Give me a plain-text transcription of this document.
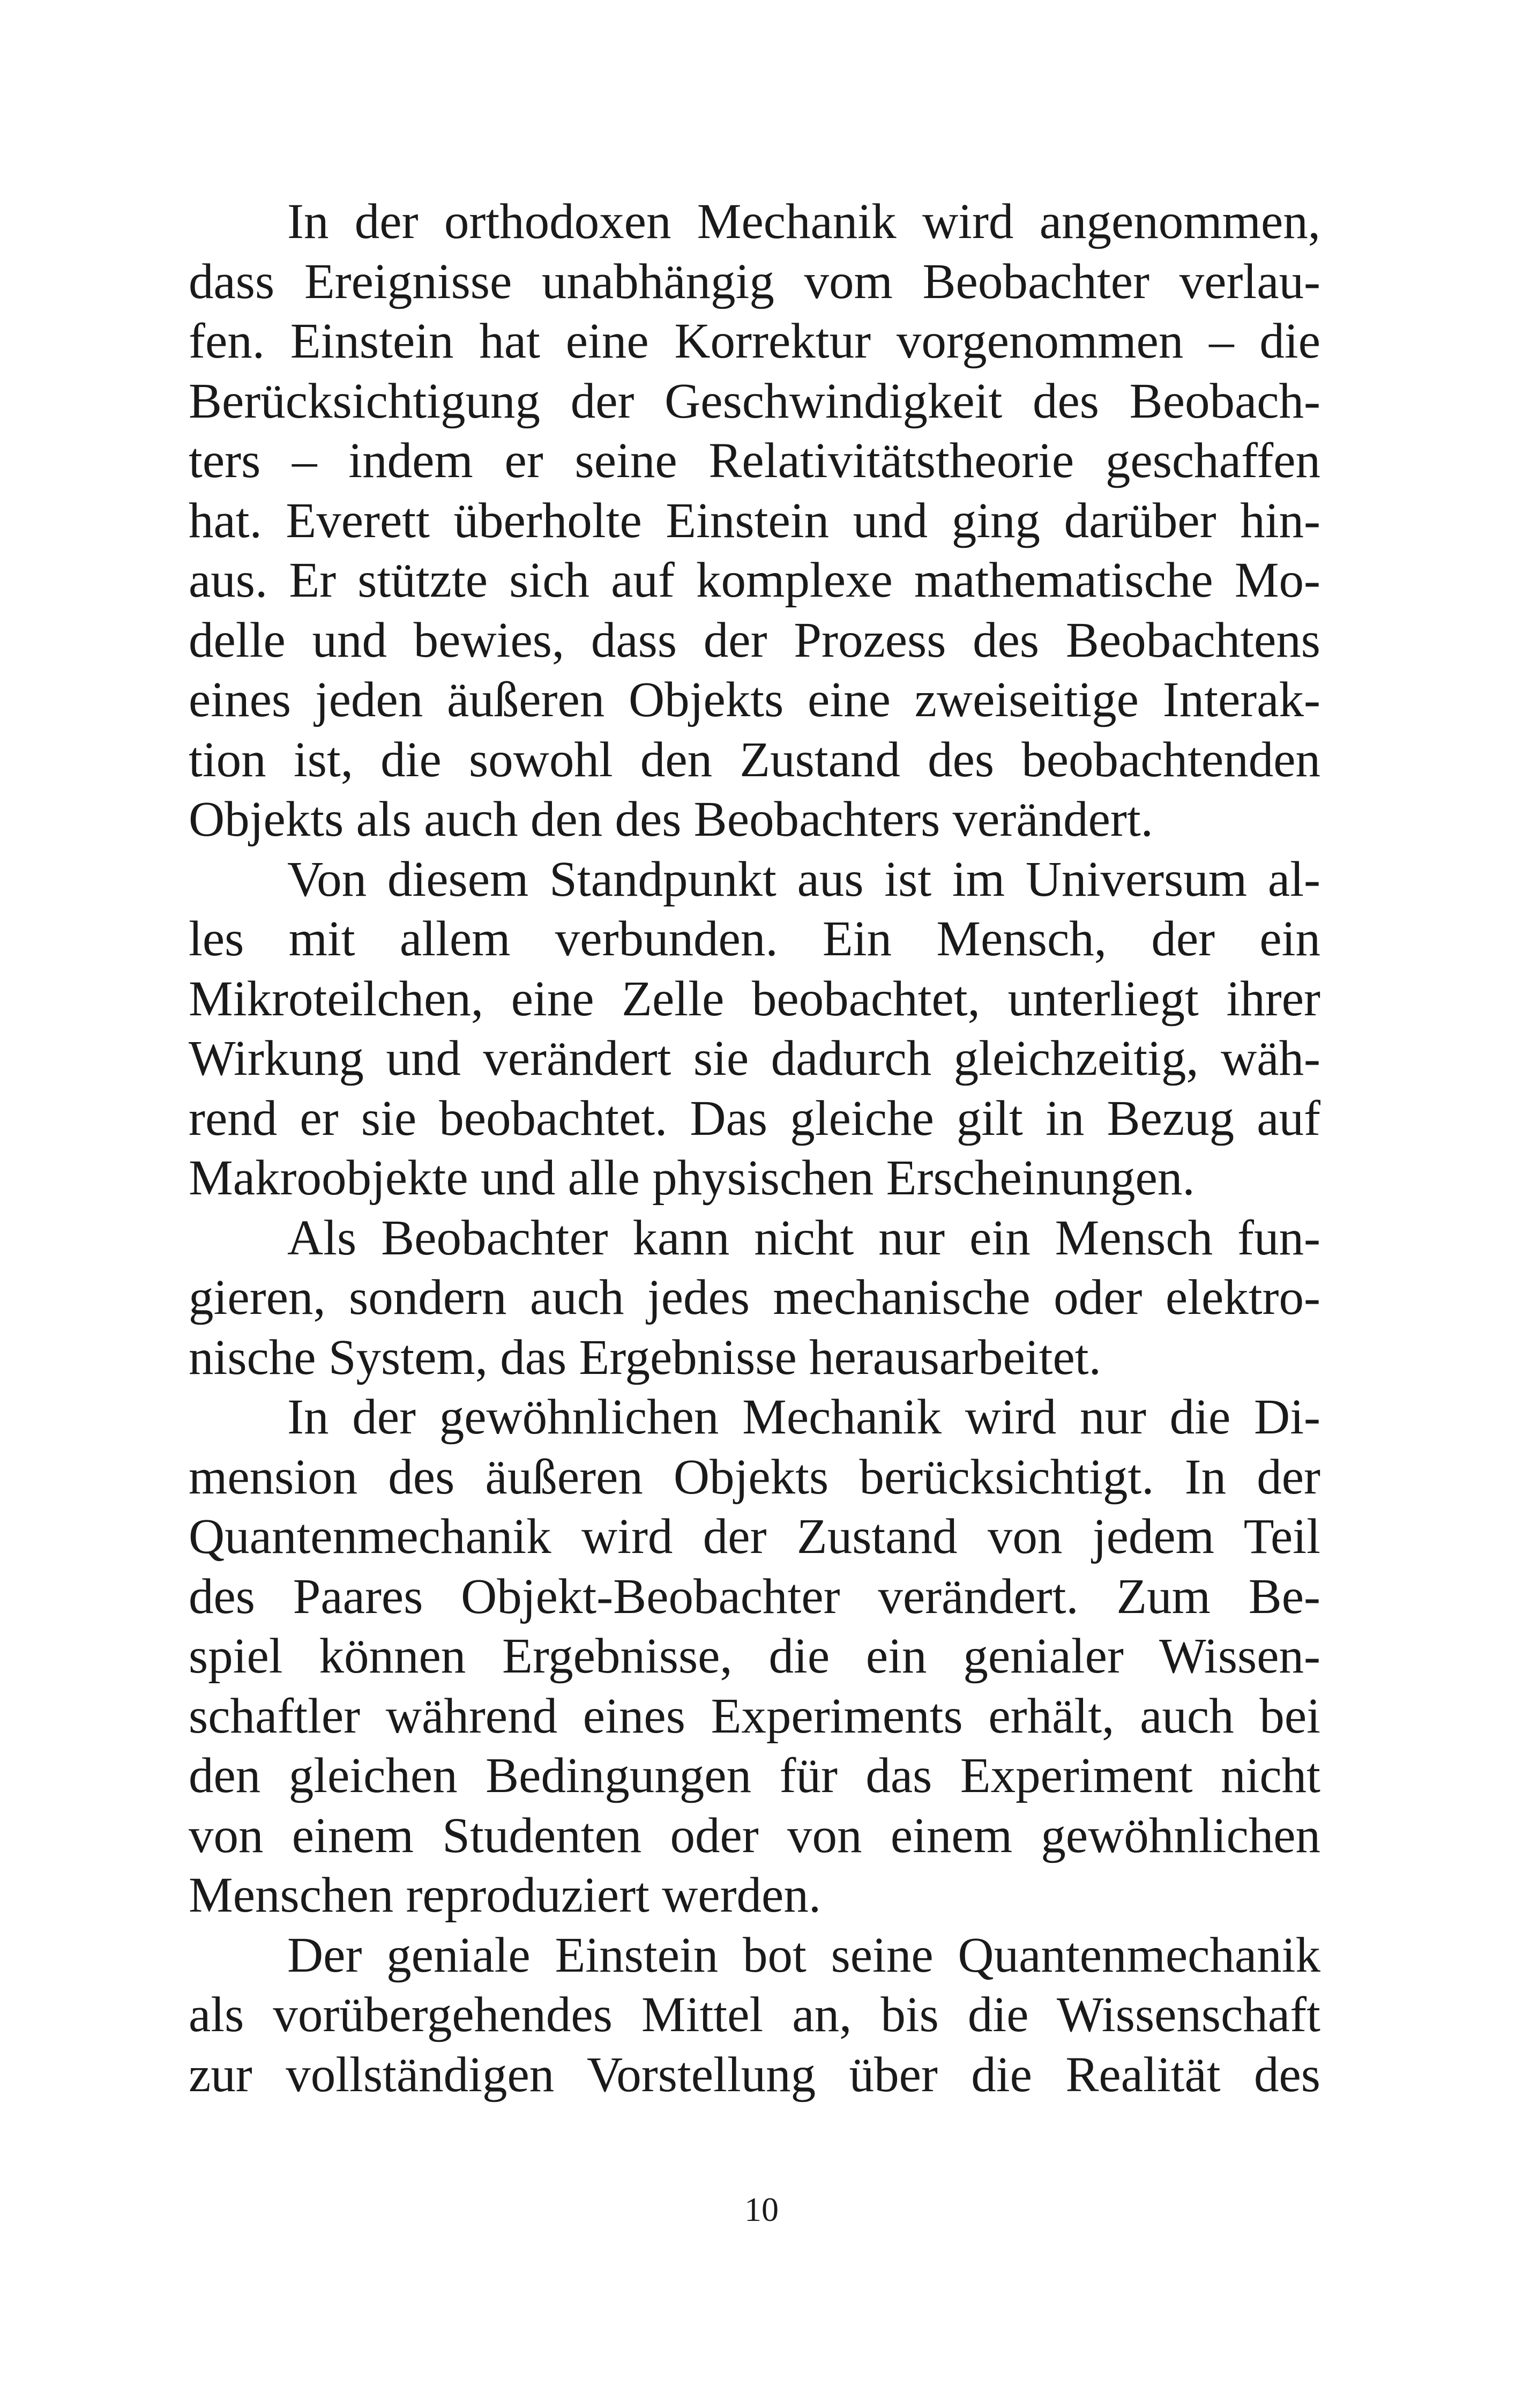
In der orthodoxen Mechanik wird angenommen,
dass Ereignisse unabhängig vom Beobachter verlau-
fen. Einstein hat eine Korrektur vorgenommen – die
Berücksichtigung der Geschwindigkeit des Beobach-
ters – indem er seine Relativitätstheorie geschaffen
hat. Everett überholte Einstein und ging darüber hin-
aus. Er stützte sich auf komplexe mathematische Mo-
delle und bewies, dass der Prozess des Beobachtens
eines jeden äußeren Objekts eine zweiseitige Interak-
tion ist, die sowohl den Zustand des beobachtenden
Objekts als auch den des Beobachters verändert.
Von diesem Standpunkt aus ist im Universum al-
les mit allem verbunden. Ein Mensch, der ein
Mikroteilchen, eine Zelle beobachtet, unterliegt ihrer
Wirkung und verändert sie dadurch gleichzeitig, wäh-
rend er sie beobachtet. Das gleiche gilt in Bezug auf
Makroobjekte und alle physischen Erscheinungen.
Als Beobachter kann nicht nur ein Mensch fun-
gieren, sondern auch jedes mechanische oder elektro-
nische System, das Ergebnisse herausarbeitet.
In der gewöhnlichen Mechanik wird nur die Di-
mension des äußeren Objekts berücksichtigt. In der
Quantenmechanik wird der Zustand von jedem Teil
des Paares Objekt-Beobachter verändert. Zum Be-
spiel können Ergebnisse, die ein genialer Wissen-
schaftler während eines Experiments erhält, auch bei
den gleichen Bedingungen für das Experiment nicht
von einem Studenten oder von einem gewöhnlichen
Menschen reproduziert werden.
Der geniale Einstein bot seine Quantenmechanik
als vorübergehendes Mittel an, bis die Wissenschaft
zur vollständigen Vorstellung über die Realität des
10
